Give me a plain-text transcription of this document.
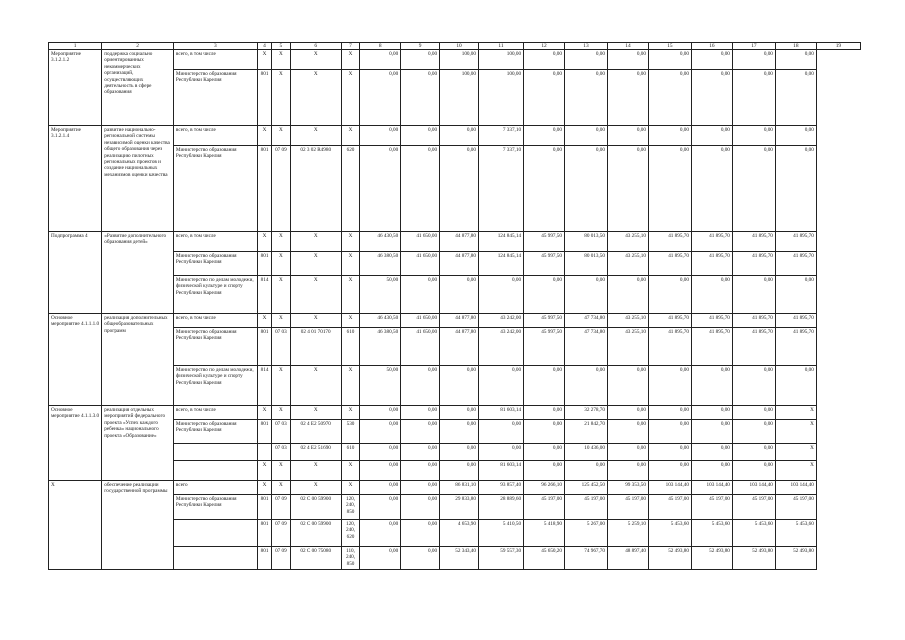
1	2	3	4	5	6	7	8	9	10	11	12	13	14	15	16	17	18	19
Мероприятие 3.1.2.1.2	поддержка социально ориентированных некоммерческих организаций, осуществляющих деятельность в сфере образования	всего, в том числе	Х	Х	Х	Х	0,00	0,00	100,00	100,00	0,00	0,00	0,00	0,00	0,00	0,00	0,00	
		Министерство образования Республики Карелия	801	Х	Х	Х	0,00	0,00	100,00	100,00	0,00	0,00	0,00	0,00	0,00	0,00	0,00	
Мероприятие 3.1.2.1.4	развитие национально-региональной системы независимой оценки качества общего образования через реализацию пилотных региональных проектов и создание национальных механизмов оценки качества	всего, в том числе	Х	Х	Х	Х	0,00	0,00	0,00	7 337,10	0,00	0,00	0,00	0,00	0,00	0,00	0,00	
		Министерство образования Республики Карелия	801	07 09	02 3 02 R4980	620	0,00	0,00	0,00	7 337,10	0,00	0,00	0,00	0,00	0,00	0,00	0,00	
Подпрограмма 4	«Развитие дополнительного образования детей»	всего, в том числе	Х	Х	Х	Х	46 430,50	41 650,00	44 877,80	124 845,14	45 997,50	80 013,50	43 255,10	41 895,70	41 895,70	41 895,70	41 895,70	
		Министерство образования Республики Карелия	801	Х	Х	Х	46 380,50	41 650,00	44 877,80	124 845,14	45 997,50	80 013,50	43 255,10	41 895,70	41 895,70	41 895,70	41 895,70	
		Министерство по делам молодежи, физической культуре и спорту Республики Карелия	814	Х	Х	Х	50,00	0,00	0,00	0,00	0,00	0,00	0,00	0,00	0,00	0,00	0,00	
Основное мероприятие 4.1.1.1.0	реализация дополнительных общеобразовательных программ	всего, в том числе	Х	Х	Х	Х	46 430,50	41 650,00	44 877,80	43 242,00	45 997,50	47 734,80	43 255,10	41 895,70	41 895,70	41 895,70	41 895,70	
		Министерство образования Республики Карелия	801	07 03	02 4 01 70170	610	46 380,50	41 650,00	44 877,80	43 242,00	45 997,50	47 734,80	43 255,10	41 895,70	41 895,70	41 895,70	41 895,70	
		Министерство по делам молодежи, физической культуре и спорту Республики Карелия	814	Х	Х	Х	50,00	0,00	0,00	0,00	0,00	0,00	0,00	0,00	0,00	0,00	0,00	
Основное мероприятие 4.1.1.3.0	реализация отдельных мероприятий федерального проекта «Успех каждого ребенка» национального проекта «Образование»	всего, в том числе	Х	Х	Х	Х	0,00	0,00	0,00	81 603,14	0,00	32 278,70	0,00	0,00	0,00	0,00	Х	
		Министерство образования Республики Карелия	801	07 03	02 4 Е2 50970	530	0,00	0,00	0,00	0,00	0,00	21 842,70	0,00	0,00	0,00	0,00	Х	
				07 03	02 4 Е2 51690	610	0,00	0,00	0,00	0,00	0,00	10 436,00	0,00	0,00	0,00	0,00	Х	
			Х	Х	Х	Х	0,00	0,00	0,00	81 603,14	0,00	0,00	0,00	0,00	0,00	0,00	Х	
Х	обеспечение реализации государственной программы	всего	Х	Х	Х	Х	0,00	0,00	86 831,10	93 857,40	96 266,10	125 452,50	99 353,50	103 144,40	103 144,40	103 144,40	103 144,40	
		Министерство образования Республики Карелия	801	07 09	02 С 00 59900	120, 240, 850	0,00	0,00	29 833,80	28 889,60	45 197,00	45 197,00	45 197,00	45 197,00	45 197,00	45 197,00	45 197,00	
			801	07 09	02 С 00 59900	120, 240, 620	0,00	0,00	4 653,90	5 410,50	5 418,90	5 267,00	5 259,10	5 453,60	5 453,60	5 453,60	5 453,60	
			801	07 09	02 С 00 75080	110, 240, 850	0,00	0,00	52 343,40	59 557,30	45 650,20	74 967,70	48 897,40	52 493,80	52 493,80	52 493,80	52 493,80	
